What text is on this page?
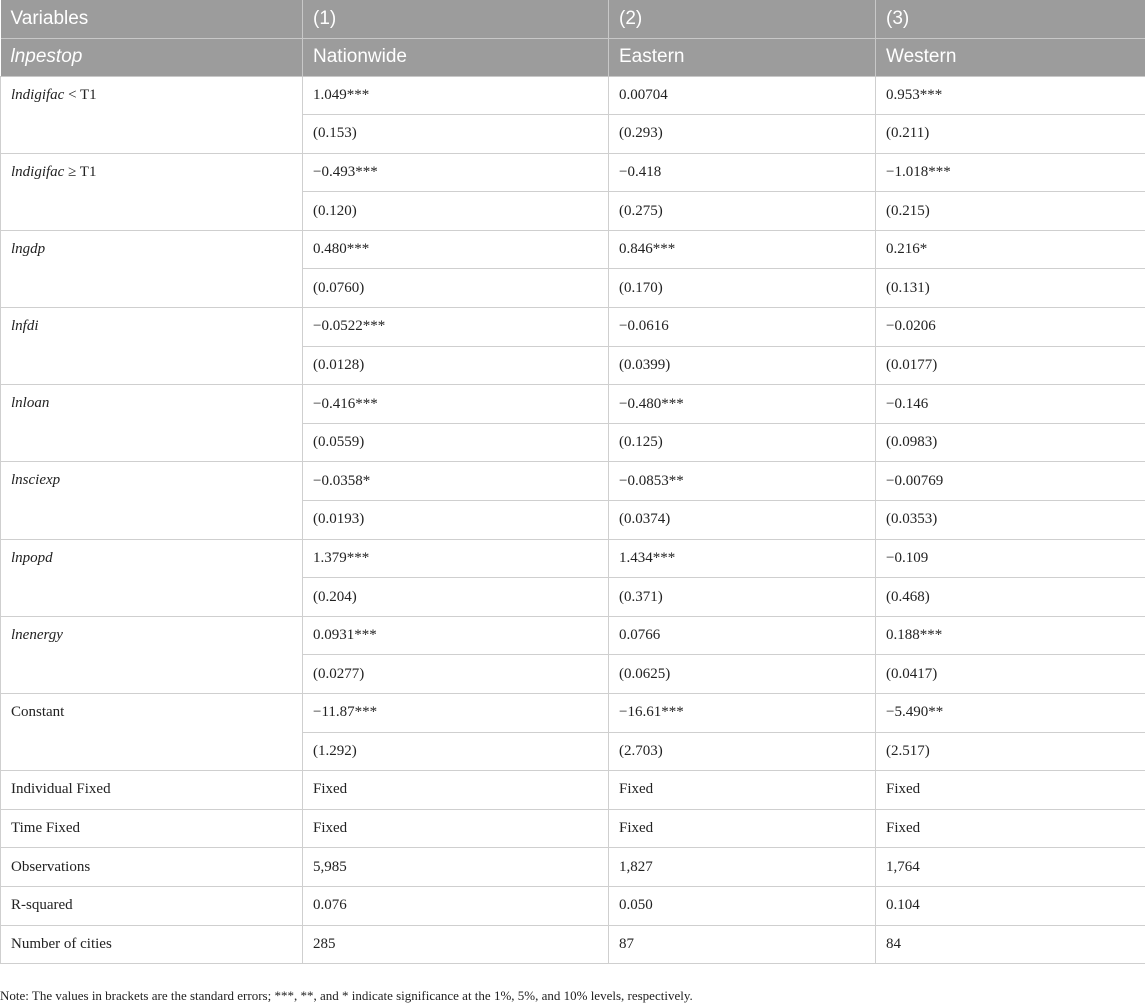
Variables	(1)	(2)	(3)
lnpestop	Nationwide	Eastern	Western
lndigifac < T1	1.049***	0.00704	0.953***
	(0.153)	(0.293)	(0.211)
lndigifac ≥ T1	−0.493***	−0.418	−1.018***
	(0.120)	(0.275)	(0.215)
lngdp	0.480***	0.846***	0.216*
	(0.0760)	(0.170)	(0.131)
lnfdi	−0.0522***	−0.0616	−0.0206
	(0.0128)	(0.0399)	(0.0177)
lnloan	−0.416***	−0.480***	−0.146
	(0.0559)	(0.125)	(0.0983)
lnsciexp	−0.0358*	−0.0853**	−0.00769
	(0.0193)	(0.0374)	(0.0353)
lnpopd	1.379***	1.434***	−0.109
	(0.204)	(0.371)	(0.468)
lnenergy	0.0931***	0.0766	0.188***
	(0.0277)	(0.0625)	(0.0417)
Constant	−11.87***	−16.61***	−5.490**
	(1.292)	(2.703)	(2.517)
Individual Fixed	Fixed	Fixed	Fixed
Time Fixed	Fixed	Fixed	Fixed
Observations	5,985	1,827	1,764
R-squared	0.076	0.050	0.104
Number of cities	285	87	84
Note: The values in brackets are the standard errors; ***, **, and * indicate significance at the 1%, 5%, and 10% levels, respectively.
